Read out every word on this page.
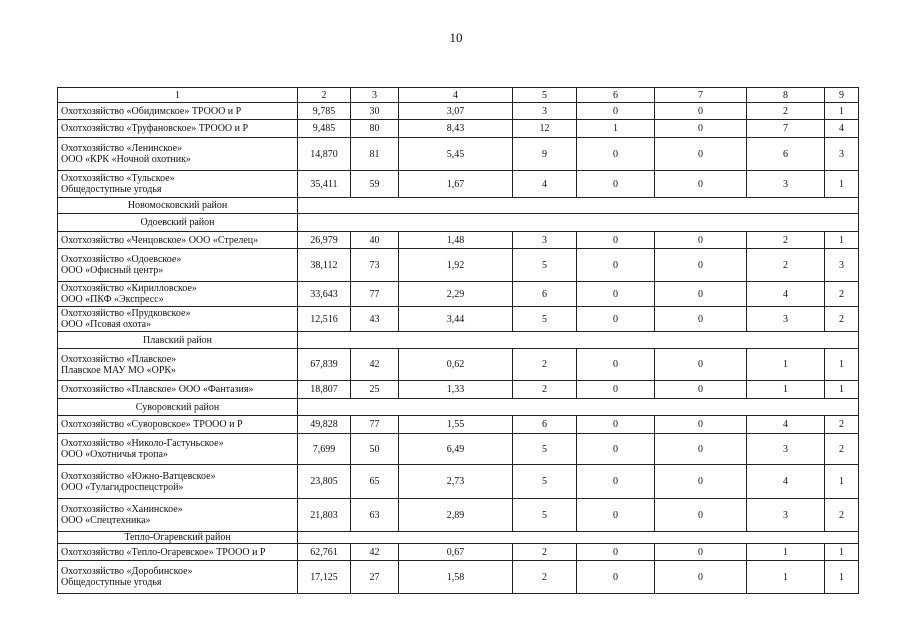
10
1	2	3	4	5	6	7	8	9

Охотхозяйство «Обидимское» ТРООО и Р	9,785	30	3,07	3	0	0	2	1

Охотхозяйство «Труфановское» ТРООО и Р	9,485	80	8,43	12	1	0	7	4

Охотхозяйство «Ленинское»
ООО «КРК «Ночной охотник»	14,870	81	5,45	9	0	0	6	3

Охотхозяйство «Тульское»
Общедоступные угодья	35,411	59	1,67	4	0	0	3	1
Новомосковский район								
Одоевский район								

Охотхозяйство «Ченцовское» ООО «Стрелец»	26,979	40	1,48	3	0	0	2	1

Охотхозяйство «Одоевское»
ООО «Офисный центр»	38,112	73	1,92	5	0	0	2	3

Охотхозяйство «Кирилловское»
ООО «ПКФ «Экспресс»	33,643	77	2,29	6	0	0	4	2

Охотхозяйство «Прудковское»
ООО «Псовая охота»	12,516	43	3,44	5	0	0	3	2
Плавский район								

Охотхозяйство «Плавское»
Плавское МАУ МО «ОРК»	67,839	42	0,62	2	0	0	1	1

Охотхозяйство «Плавское» ООО «Фантазия»	18,807	25	1,33	2	0	0	1	1
Суворовский район								

Охотхозяйство «Суворовское» ТРООО и Р	49,828	77	1,55	6	0	0	4	2

Охотхозяйство «Николо-Гастуньское»
ООО «Охотничья тропа»	7,699	50	6,49	5	0	0	3	2

Охотхозяйство «Южно-Ватцевское»
ООО «Тулагидроспецстрой»	23,805	65	2,73	5	0	0	4	1

Охотхозяйство «Ханинское»
ООО «Спецтехника»	21,803	63	2,89	5	0	0	3	2
Тепло-Огаревский район								

Охотхозяйство «Тепло-Огаревское» ТРООО и Р	62,761	42	0,67	2	0	0	1	1

Охотхозяйство «Доробинское»
Общедоступные угодья	17,125	27	1,58	2	0	0	1	1
